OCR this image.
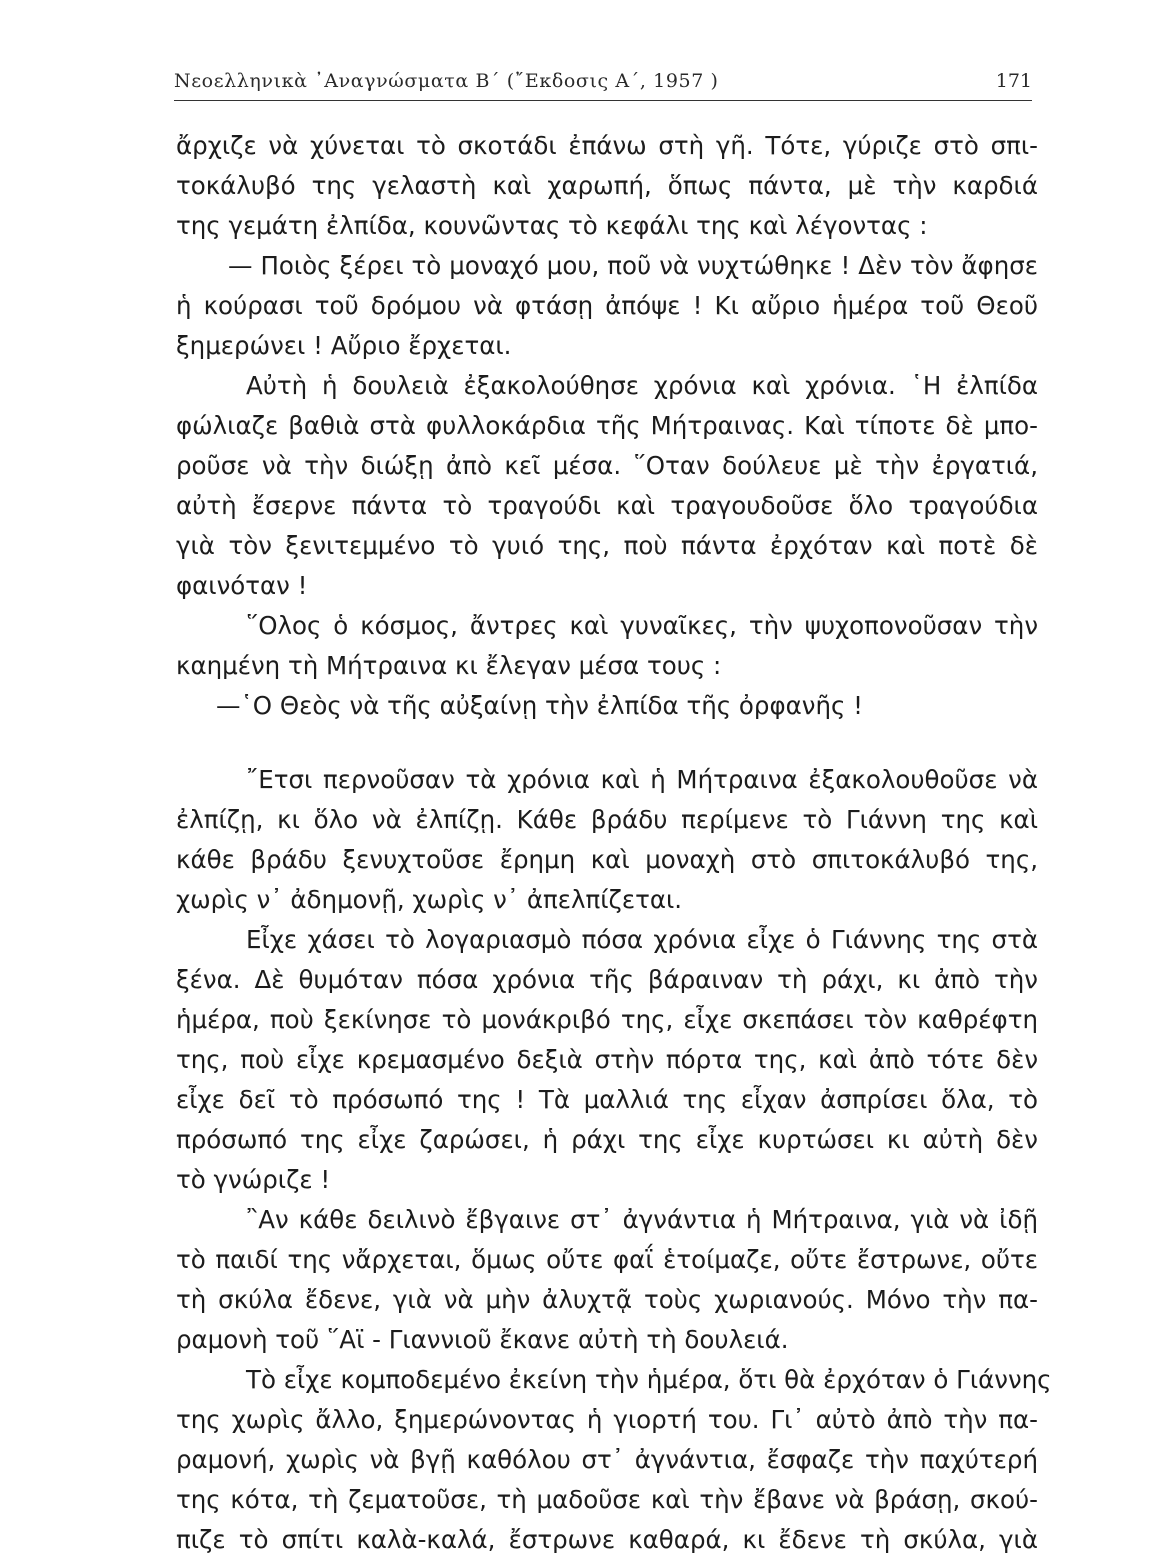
Νεοελληνικὰ ᾿Αναγνώσματα Β΄ (῎Εκδοσις Α΄, 1957 )	171
ἄρχιζε νὰ χύνεται τὸ σκοτάδι ἐπάνω στὴ γῆ. Τότε, γύριζε στὸ σπι-
τοκάλυβό της γελαστὴ καὶ χαρωπή, ὅπως πάντα, μὲ τὴν καρδιά
της γεμάτη ἐλπίδα, κουνῶντας τὸ κεφάλι της καὶ λέγοντας :
— Ποιὸς ξέρει τὸ μοναχό μου, ποῦ νὰ νυχτώθηκε ! Δὲν τὸν ἄφησε
ἡ κούρασι τοῦ δρόμου νὰ φτάσῃ ἀπόψε ! Κι αὔριο ἡμέρα τοῦ Θεοῦ
ξημερώνει ! Αὔριο ἔρχεται.
Αὐτὴ ἡ δουλειὰ ἐξακολούθησε χρόνια καὶ χρόνια. ῾Η ἐλπίδα
φώλιαζε βαθιὰ στὰ φυλλοκάρδια τῆς Μήτραινας. Καὶ τίποτε δὲ μπο-
ροῦσε νὰ τὴν διώξῃ ἀπὸ κεῖ μέσα. ῞Οταν δούλευε μὲ τὴν ἐργατιά,
αὐτὴ ἔσερνε πάντα τὸ τραγούδι καὶ τραγουδοῦσε ὅλο τραγούδια
γιὰ τὸν ξενιτεμμένο τὸ γυιό της, ποὺ πάντα ἐρχόταν καὶ ποτὲ δὲ
φαινόταν !
῞Ολος ὁ κόσμος, ἄντρες καὶ γυναῖκες, τὴν ψυχοπονοῦσαν τὴν
καημένη τὴ Μήτραινα κι ἔλεγαν μέσα τους :
—῾Ο Θεὸς νὰ τῆς αὐξαίνῃ τὴν ἐλπίδα τῆς ὀρφανῆς !
῎Ετσι περνοῦσαν τὰ χρόνια καὶ ἡ Μήτραινα ἐξακολουθοῦσε νὰ
ἐλπίζῃ, κι ὅλο νὰ ἐλπίζῃ. Κάθε βράδυ περίμενε τὸ Γιάννη της καὶ
κάθε βράδυ ξενυχτοῦσε ἔρημη καὶ μοναχὴ στὸ σπιτοκάλυβό της,
χωρὶς ν᾿ ἀδημονῇ, χωρὶς ν᾿ ἀπελπίζεται.
Εἶχε χάσει τὸ λογαριασμὸ πόσα χρόνια εἶχε ὁ Γιάννης της στὰ
ξένα. Δὲ θυμόταν πόσα χρόνια τῆς βάραιναν τὴ ράχι, κι ἀπὸ τὴν
ἡμέρα, ποὺ ξεκίνησε τὸ μονάκριβό της, εἶχε σκεπάσει τὸν καθρέφτη
της, ποὺ εἶχε κρεμασμένο δεξιὰ στὴν πόρτα της, καὶ ἀπὸ τότε δὲν
εἶχε δεῖ τὸ πρόσωπό της ! Τὰ μαλλιά της εἶχαν ἀσπρίσει ὅλα, τὸ
πρόσωπό της εἶχε ζαρώσει, ἡ ράχι της εἶχε κυρτώσει κι αὐτὴ δὲν
τὸ γνώριζε !
῍Αν κάθε δειλινὸ ἔβγαινε στ᾿ ἀγνάντια ἡ Μήτραινα, γιὰ νὰ ἰδῇ
τὸ παιδί της νἄρχεται, ὅμως οὔτε φαΐ ἑτοίμαζε, οὔτε ἔστρωνε, οὔτε
τὴ σκύλα ἔδενε, γιὰ νὰ μὴν ἀλυχτᾷ τοὺς χωριανούς. Μόνο τὴν πα-
ραμονὴ τοῦ ῞Αϊ - Γιαννιοῦ ἔκανε αὐτὴ τὴ δουλειά.
Τὸ εἶχε κομποδεμένο ἐκείνη τὴν ἡμέρα, ὅτι θὰ ἐρχόταν ὁ Γιάννης
της χωρὶς ἄλλο, ξημερώνοντας ἡ γιορτή του. Γι᾿ αὐτὸ ἀπὸ τὴν πα-
ραμονή, χωρὶς νὰ βγῇ καθόλου στ᾿ ἀγνάντια, ἔσφαζε τὴν παχύτερή
της κότα, τὴ ζεματοῦσε, τὴ μαδοῦσε καὶ τὴν ἔβανε νὰ βράσῃ, σκού-
πιζε τὸ σπίτι καλὰ-καλά, ἔστρωνε καθαρά, κι ἔδενε τὴ σκύλα, γιὰ
